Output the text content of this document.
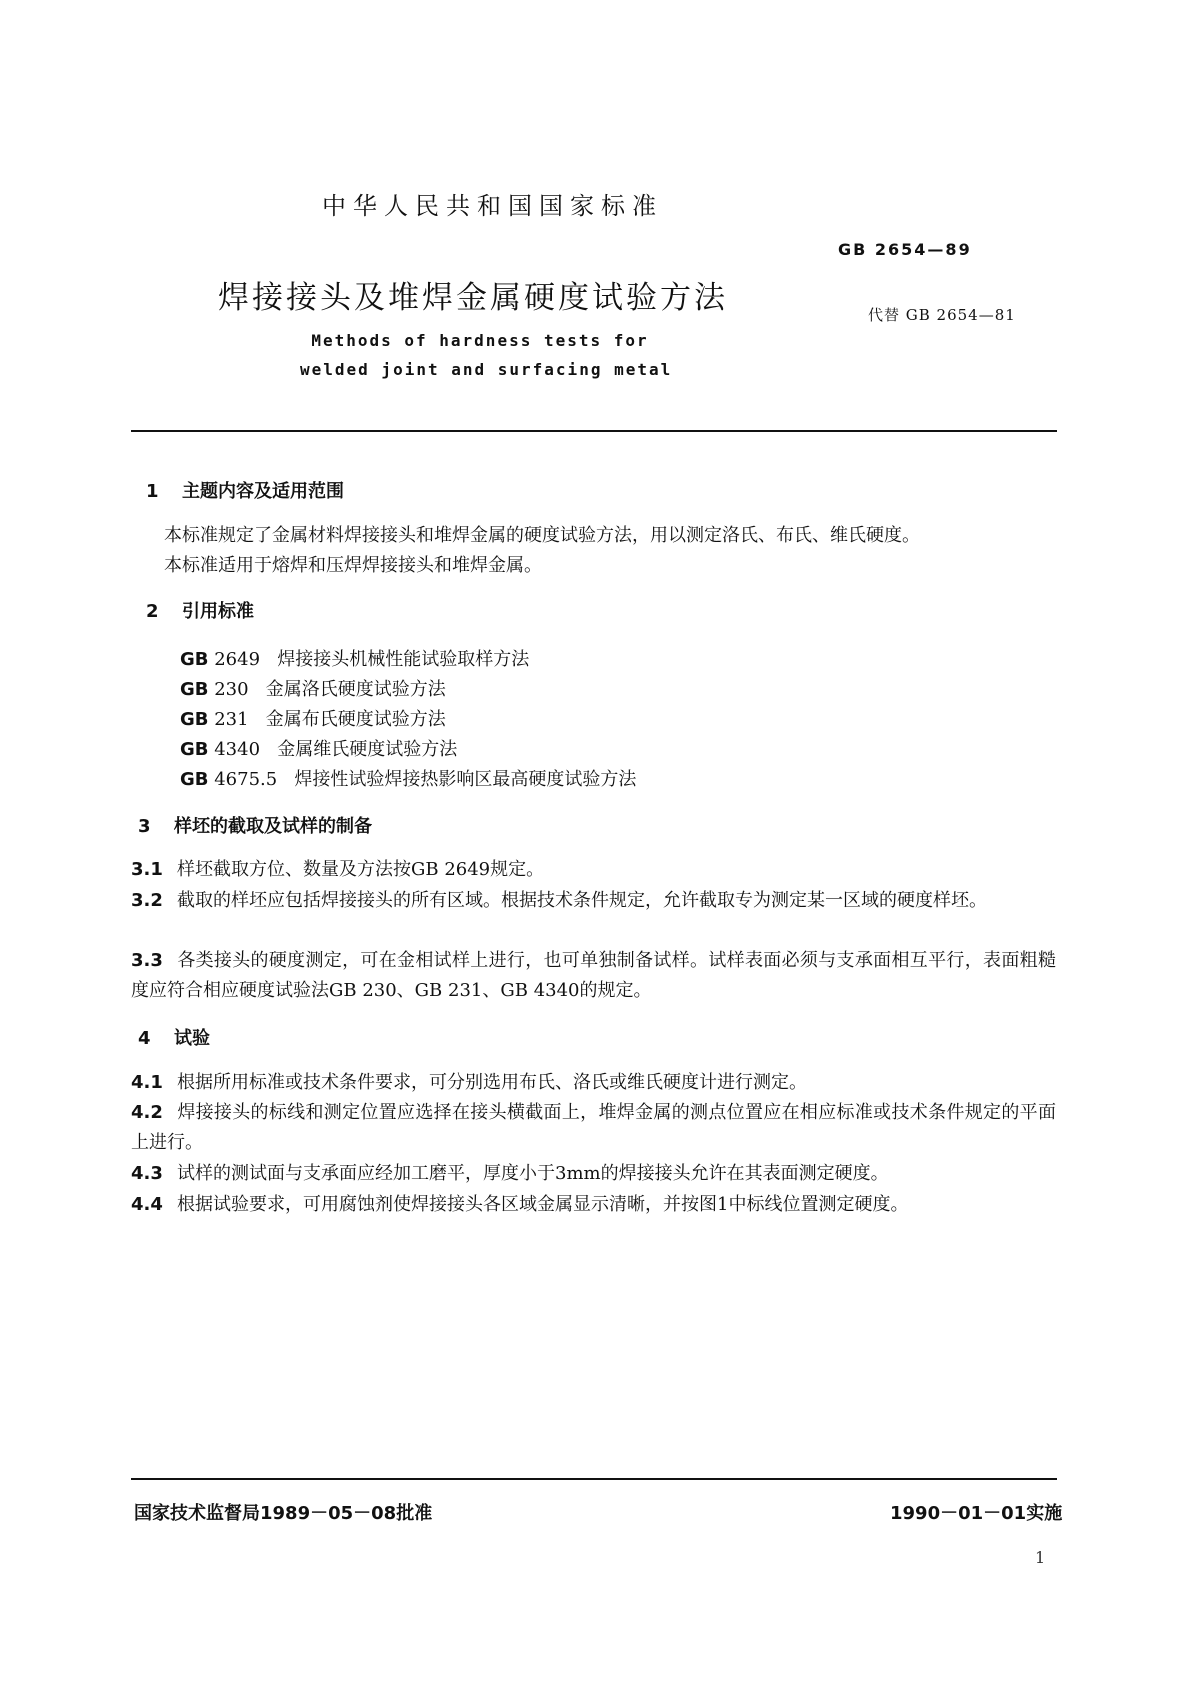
中华人民共和国国家标准
GB 2654—89
焊接接头及堆焊金属硬度试验方法	代替 GB 2654—81
Methods of hardness tests for
welded joint and surfacing metal
1 主题内容及适用范围
本标准规定了金属材料焊接接头和堆焊金属的硬度试验方法，用以测定洛氏、布氏、维氏硬度。
本标准适用于熔焊和压焊焊接接头和堆焊金属。
2 引用标准
GB 2649 焊接接头机械性能试验取样方法
GB 230 金属洛氏硬度试验方法
GB 231 金属布氏硬度试验方法
GB 4340 金属维氏硬度试验方法
GB 4675.5 焊接性试验焊接热影响区最高硬度试验方法
3 样坯的截取及试样的制备
3.1 样坯截取方位、数量及方法按GB 2649规定。
3.2 截取的样坯应包括焊接接头的所有区域。根据技术条件规定，允许截取专为测定某一区域的硬度样坯。
3.3 各类接头的硬度测定，可在金相试样上进行，也可单独制备试样。试样表面必须与支承面相互平行，表面粗糙度应符合相应硬度试验法GB 230、GB 231、GB 4340的规定。
4 试验
4.1 根据所用标准或技术条件要求，可分别选用布氏、洛氏或维氏硬度计进行测定。
4.2 焊接接头的标线和测定位置应选择在接头横截面上，堆焊金属的测点位置应在相应标准或技术条件规定的平面上进行。
4.3 试样的测试面与支承面应经加工磨平，厚度小于3mm的焊接接头允许在其表面测定硬度。
4.4 根据试验要求，可用腐蚀剂使焊接接头各区域金属显示清晰，并按图1中标线位置测定硬度。
国家技术监督局1989－05－08批准	1990－01－01实施
1
